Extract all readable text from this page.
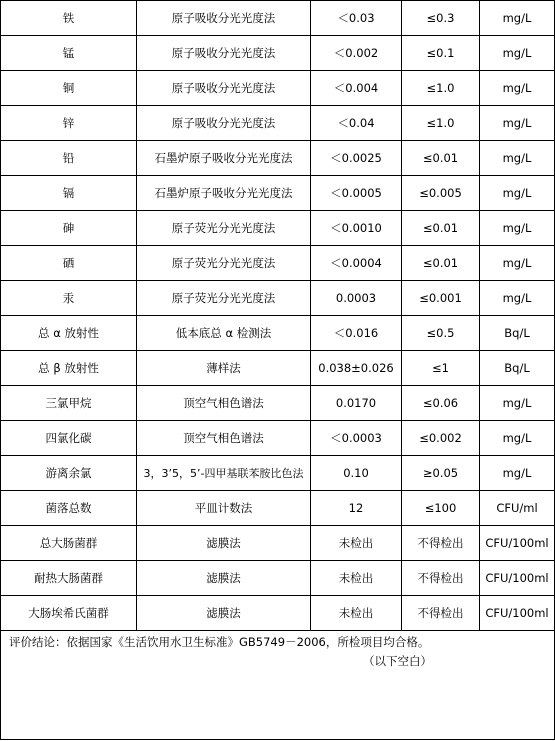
铁	原子吸收分光光度法	＜0.03	≤0.3	mg/L
锰	原子吸收分光光度法	＜0.002	≤0.1	mg/L
铜	原子吸收分光光度法	＜0.004	≤1.0	mg/L
锌	原子吸收分光光度法	＜0.04	≤1.0	mg/L
铅	石墨炉原子吸收分光光度法	＜0.0025	≤0.01	mg/L
镉	石墨炉原子吸收分光光度法	＜0.0005	≤0.005	mg/L
砷	原子荧光分光光度法	＜0.0010	≤0.01	mg/L
硒	原子荧光分光光度法	＜0.0004	≤0.01	mg/L
汞	原子荧光分光光度法	0.0003	≤0.001	mg/L
总 α 放射性	低本底总 α 检测法	＜0.016	≤0.5	Bq/L
总 β 放射性	薄样法	0.038±0.026	≤1	Bq/L
三氯甲烷	顶空气相色谱法	0.0170	≤0.06	mg/L
四氯化碳	顶空气相色谱法	＜0.0003	≤0.002	mg/L
游离余氯	3，3’5，5’-四甲基联苯胺比色法	0.10	≥0.05	mg/L
菌落总数	平皿计数法	12	≤100	CFU/ml
总大肠菌群	滤膜法	未检出	不得检出	CFU/100ml
耐热大肠菌群	滤膜法	未检出	不得检出	CFU/100ml
大肠埃希氏菌群	滤膜法	未检出	不得检出	CFU/100ml

评价结论：依据国家《生活饮用水卫生标准》GB5749－2006，所检项目均合格。
（以下空白）				
